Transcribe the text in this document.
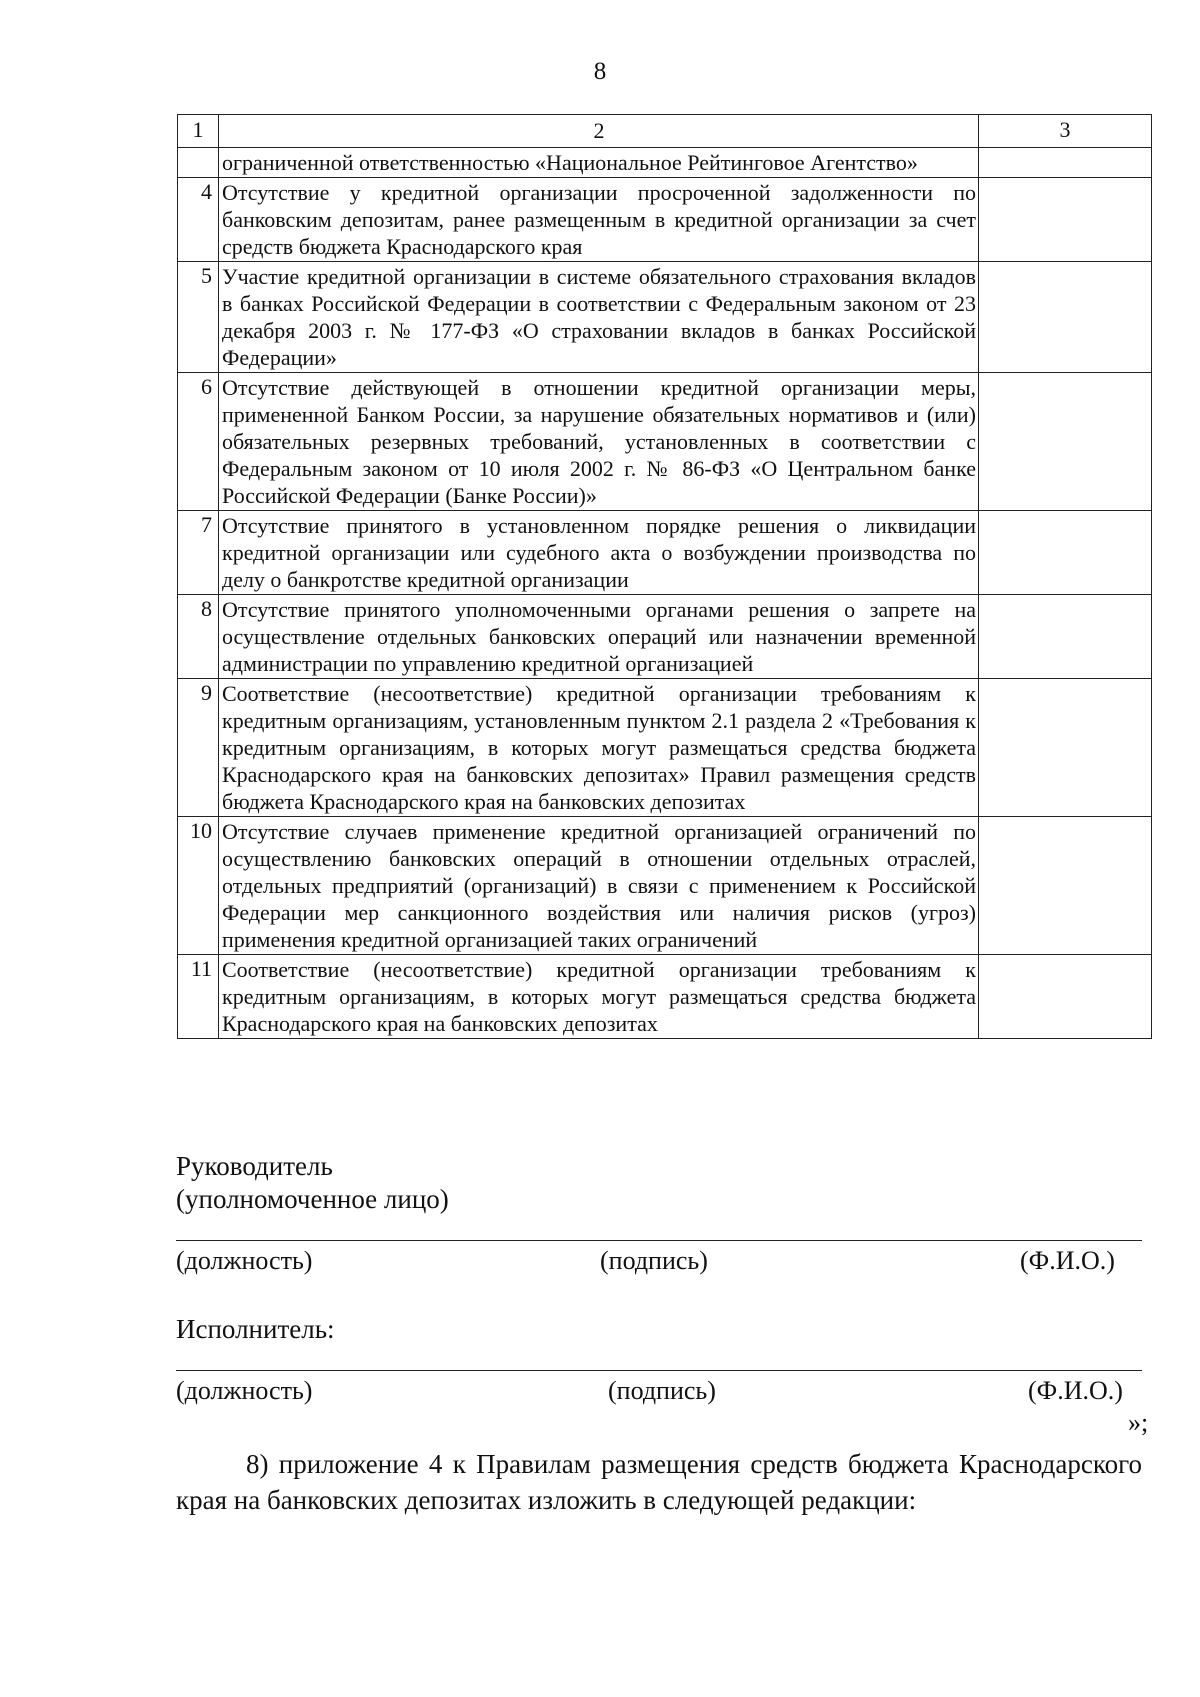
8
1	2	3
	ограниченной ответственностью «Национальное Рейтинговое Агентство»	
4	Отсутствие у кредитной организации просроченной задолженности по банковским депозитам, ранее размещенным в кредитной организации за счет средств бюджета Краснодарского края	
5	Участие кредитной организации в системе обязательного страхования вкладов в банках Российской Федерации в соответствии с Федеральным законом от 23 декабря 2003 г. № 177-ФЗ «О страховании вкладов в банках Российской Федерации»	
6	Отсутствие действующей в отношении кредитной организации меры, примененной Банком России, за нарушение обязательных нормативов и (или) обязательных резервных требований, установленных в соответствии с Федеральным законом от 10 июля 2002 г. № 86-ФЗ «О Центральном банке Российской Федерации (Банке России)»	
7	Отсутствие принятого в установленном порядке решения о ликвидации кредитной организации или судебного акта о возбуждении производства по делу о банкротстве кредитной организации	
8	Отсутствие принятого уполномоченными органами решения о запрете на осуществление отдельных банковских операций или назначении временной администрации по управлению кредитной организацией	
9	Соответствие (несоответствие) кредитной организации требованиям к кредитным организациям, установленным пунктом 2.1 раздела 2 «Требования к кредитным организациям, в которых могут размещаться средства бюджета Краснодарского края на банковских депозитах» Правил размещения средств бюджета Краснодарского края на банковских депозитах	
10	Отсутствие случаев применение кредитной организацией ограничений по осуществлению банковских операций в отношении отдельных отраслей, отдельных предприятий (организаций) в связи с применением к Российской Федерации мер санкционного воздействия или наличия рисков (угроз) применения кредитной организацией таких ограничений	
11	Соответствие (несоответствие) кредитной организации требованиям к кредитным организациям, в которых могут размещаться средства бюджета Краснодарского края на банковских депозитах	
Руководитель
(уполномоченное лицо)
(должность)	(подпись)	(Ф.И.О.)
Исполнитель:
(должность)	(подпись)	(Ф.И.О.)
»;
8) приложение 4 к Правилам размещения средств бюджета Краснодарского края на банковских депозитах изложить в следующей редакции:
